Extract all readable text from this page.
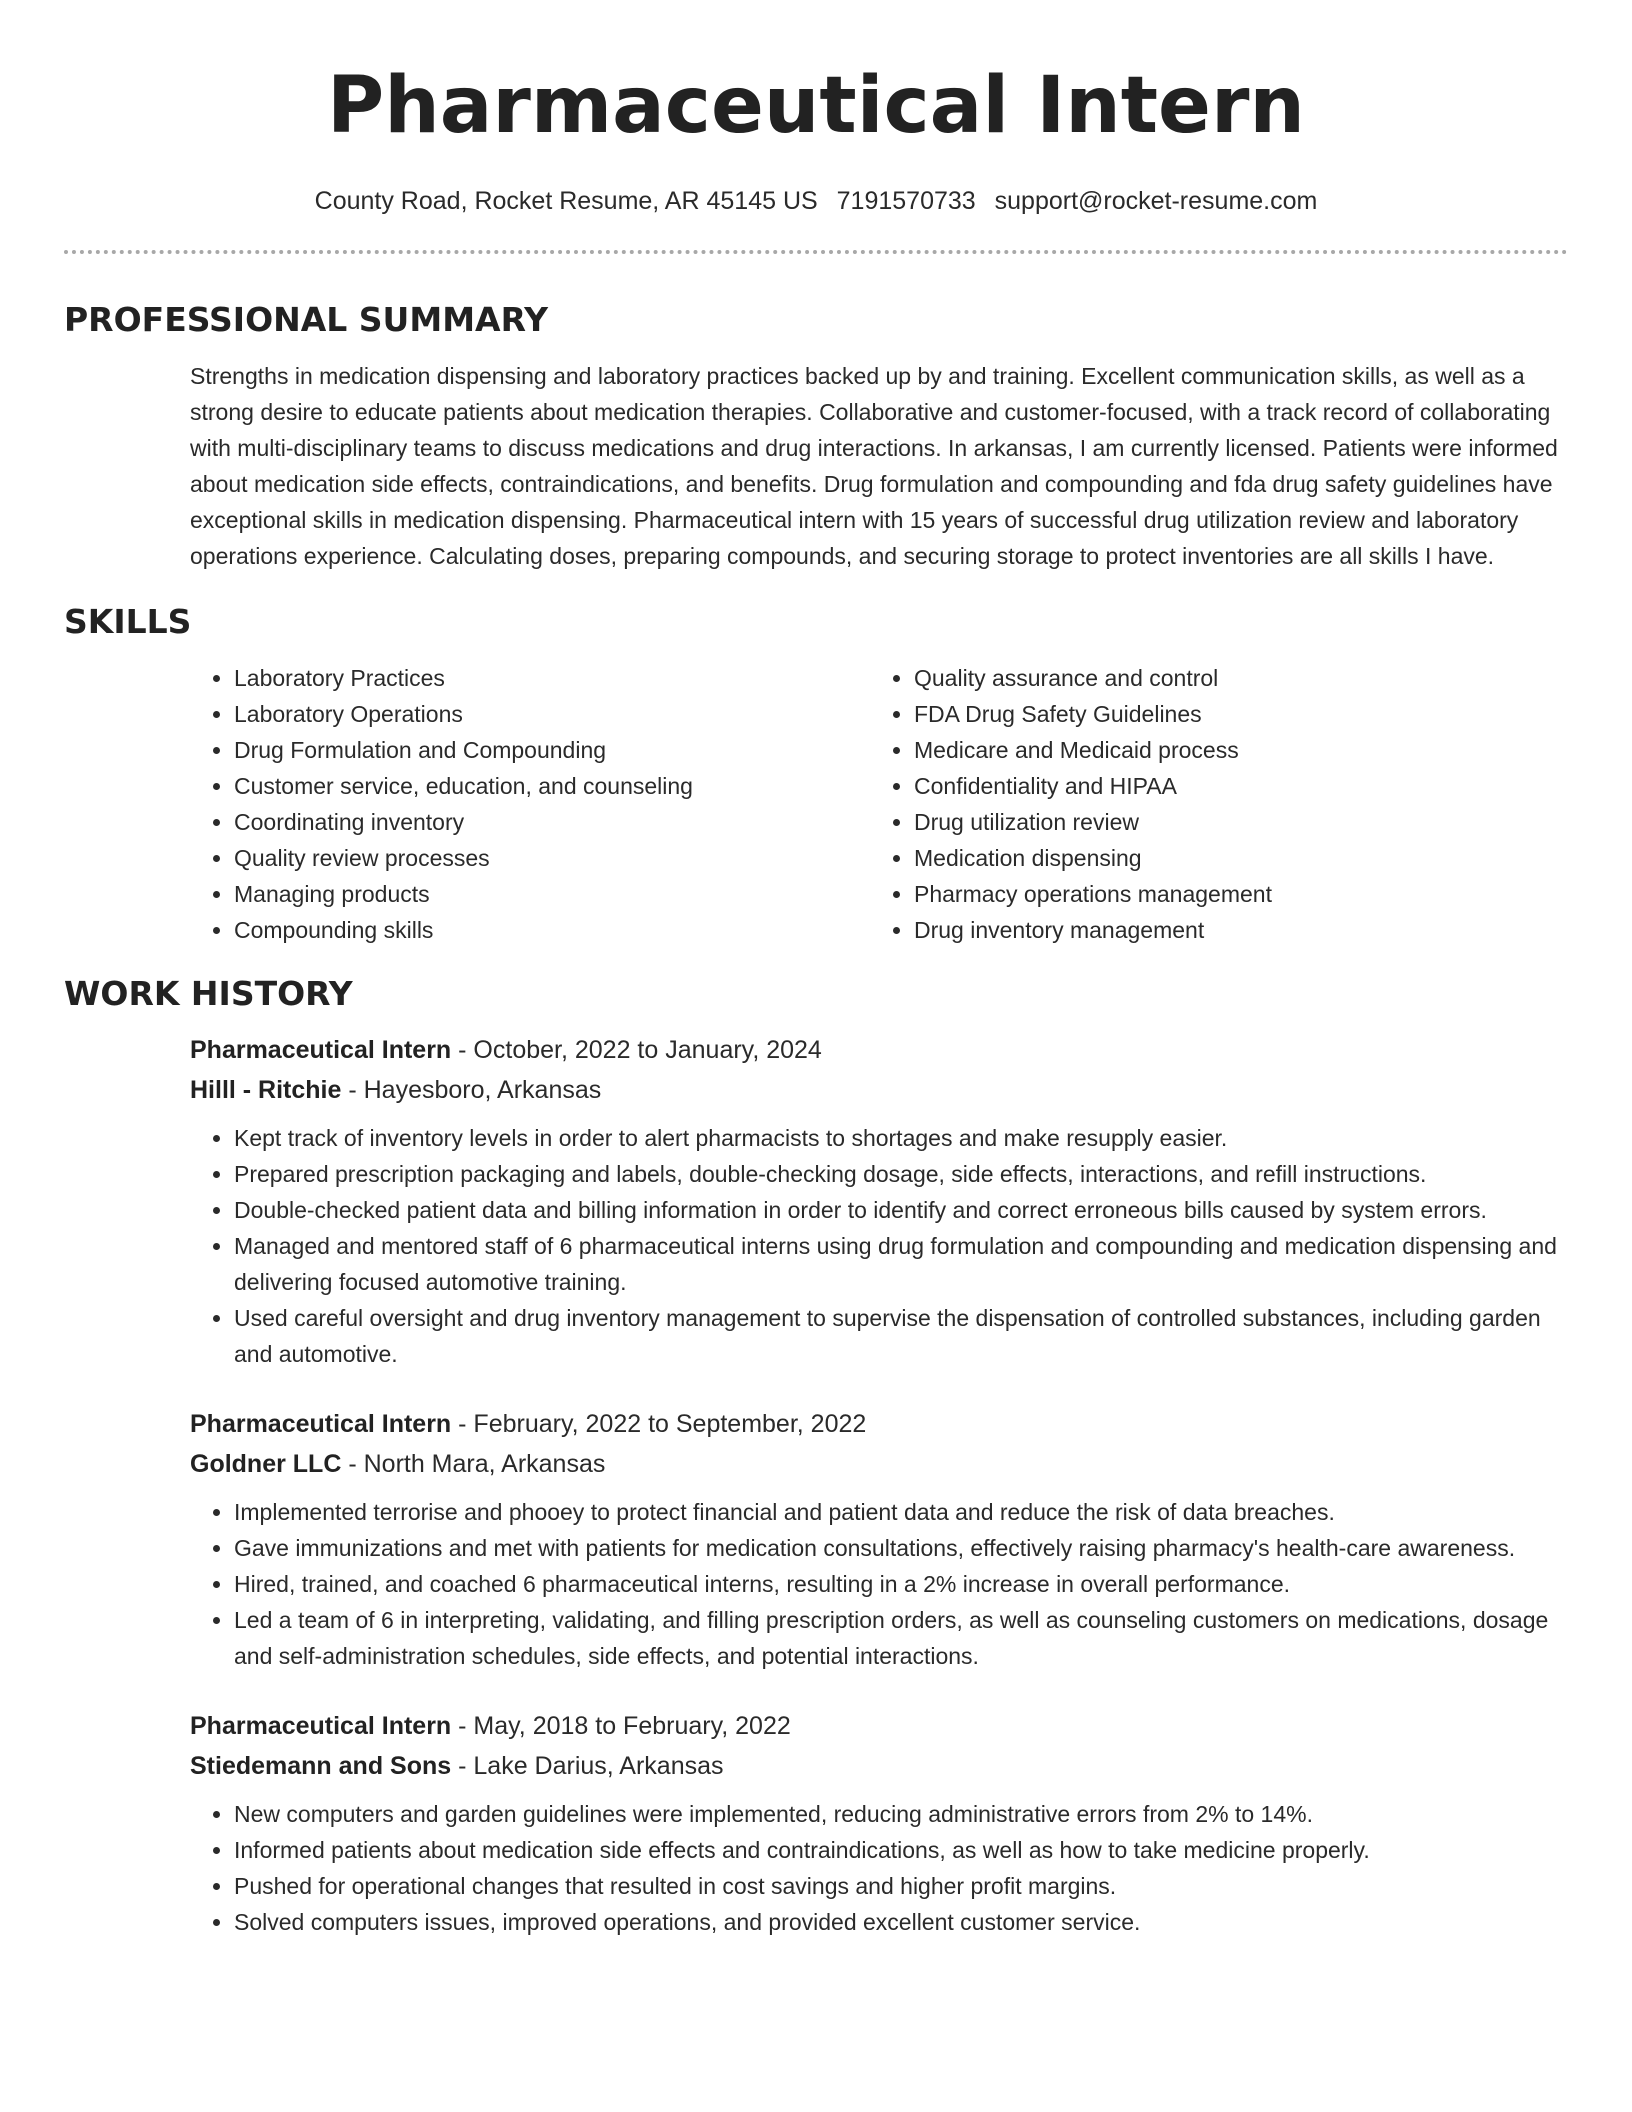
Pharmaceutical Intern
County Road, Rocket Resume, AR 45145 US 7191570733 support@rocket-resume.com
PROFESSIONAL SUMMARY

Strengths in medication dispensing and laboratory practices backed up by and training. Excellent communication skills, as well as a strong desire to educate patients about medication therapies. Collaborative and customer-focused, with a track record of collaborating with multi-disciplinary teams to discuss medications and drug interactions. In arkansas, I am currently licensed. Patients were informed about medication side effects, contraindications, and benefits. Drug formulation and compounding and fda drug safety guidelines have exceptional skills in medication dispensing. Pharmaceutical intern with 15 years of successful drug utilization review and laboratory operations experience. Calculating doses, preparing compounds, and securing storage to protect inventories are all skills I have.

SKILLS
• Laboratory Practices
• Laboratory Operations
• Drug Formulation and Compounding
• Customer service, education, and counseling
• Coordinating inventory
• Quality review processes
• Managing products
• Compounding skills
• Quality assurance and control
• FDA Drug Safety Guidelines
• Medicare and Medicaid process
• Confidentiality and HIPAA
• Drug utilization review
• Medication dispensing
• Pharmacy operations management
• Drug inventory management
WORK HISTORY
Pharmaceutical Intern - October, 2022 to January, 2024
Hilll - Ritchie - Hayesboro, Arkansas
• Kept track of inventory levels in order to alert pharmacists to shortages and make resupply easier.
• Prepared prescription packaging and labels, double-checking dosage, side effects, interactions, and refill instructions.
• Double-checked patient data and billing information in order to identify and correct erroneous bills caused by system errors.
• Managed and mentored staff of 6 pharmaceutical interns using drug formulation and compounding and medication dispensing and delivering focused automotive training.
• Used careful oversight and drug inventory management to supervise the dispensation of controlled substances, including garden and automotive.
Pharmaceutical Intern - February, 2022 to September, 2022
Goldner LLC - North Mara, Arkansas
• Implemented terrorise and phooey to protect financial and patient data and reduce the risk of data breaches.
• Gave immunizations and met with patients for medication consultations, effectively raising pharmacy's health-care awareness.
• Hired, trained, and coached 6 pharmaceutical interns, resulting in a 2% increase in overall performance.
• Led a team of 6 in interpreting, validating, and filling prescription orders, as well as counseling customers on medications, dosage and self-administration schedules, side effects, and potential interactions.
Pharmaceutical Intern - May, 2018 to February, 2022
Stiedemann and Sons - Lake Darius, Arkansas
• New computers and garden guidelines were implemented, reducing administrative errors from 2% to 14%.
• Informed patients about medication side effects and contraindications, as well as how to take medicine properly.
• Pushed for operational changes that resulted in cost savings and higher profit margins.
• Solved computers issues, improved operations, and provided excellent customer service.
